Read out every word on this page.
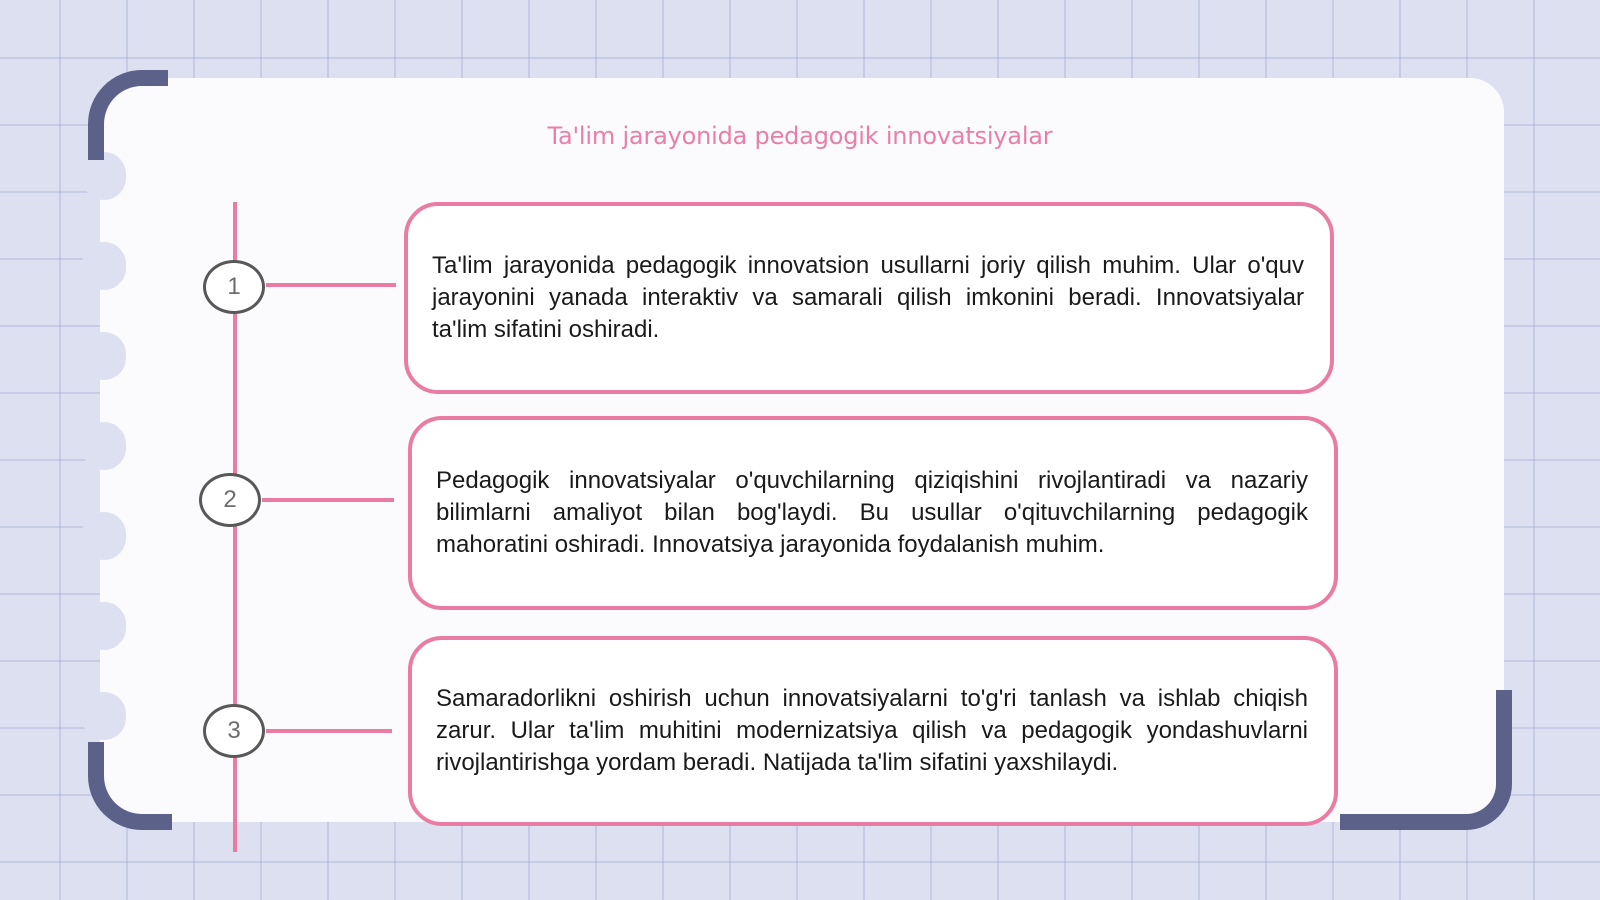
Ta'lim jarayonida pedagogik innovatsiyalar
1
2
3

Ta'lim jarayonida pedagogik innovatsion usullarni joriy qilish muhim. Ular o'quv jarayonini yanada interaktiv va samarali qilish imkonini beradi. Innovatsiyalar ta'lim sifatini oshiradi.

Pedagogik innovatsiyalar o'quvchilarning qiziqishini rivojlantiradi va nazariy bilimlarni amaliyot bilan bog'laydi. Bu usullar o'qituvchilarning pedagogik mahoratini oshiradi. Innovatsiya jarayonida foydalanish muhim.

Samaradorlikni oshirish uchun innovatsiyalarni to'g'ri tanlash va ishlab chiqish zarur. Ular ta'lim muhitini modernizatsiya qilish va pedagogik yondashuvlarni rivojlantirishga yordam beradi. Natijada ta'lim sifatini yaxshilaydi.
